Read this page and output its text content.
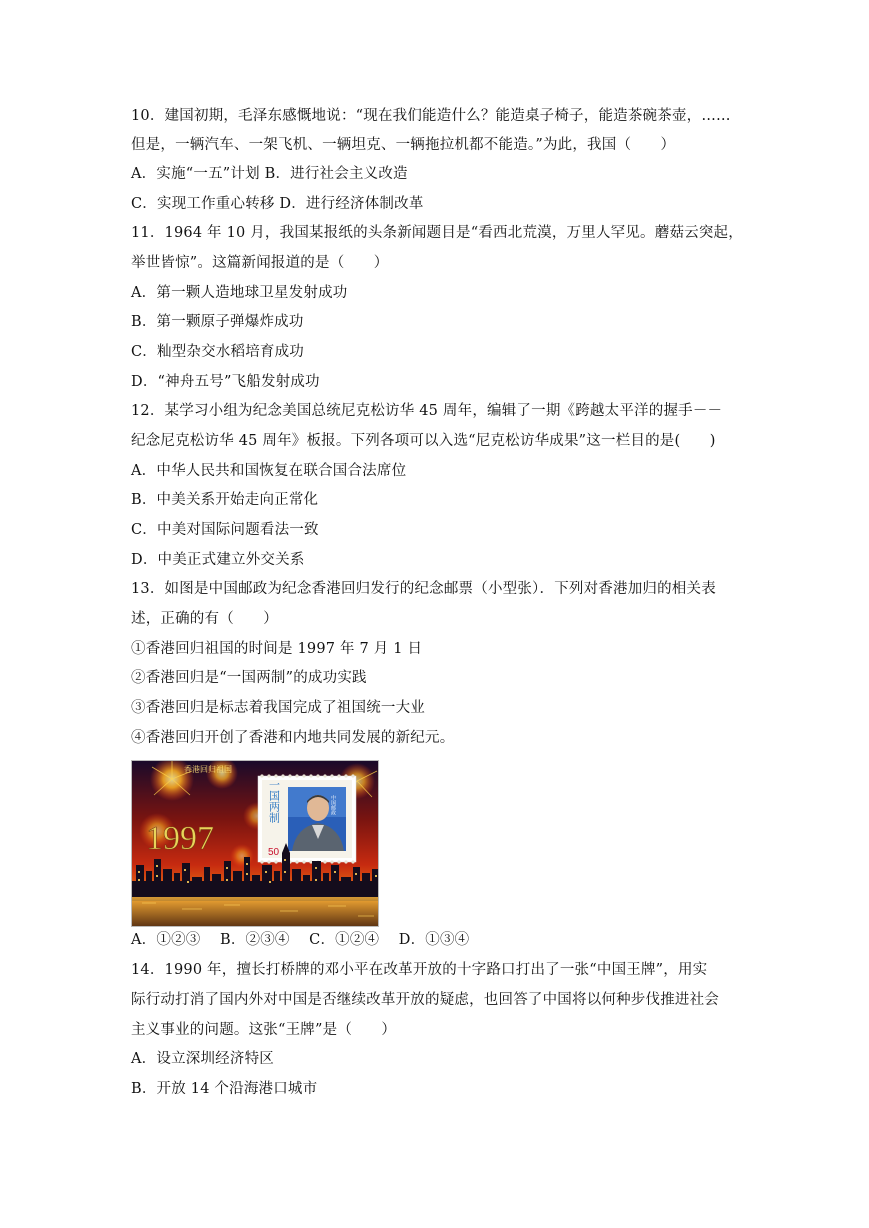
10．建国初期，毛泽东感慨地说：“现在我们能造什么？能造桌子椅子，能造茶碗茶壶，……
但是，一辆汽车、一架飞机、一辆坦克、一辆拖拉机都不能造。”为此，我国（　　）
A．实施“一五”计划 B．进行社会主义改造
C．实现工作重心转移 D．进行经济体制改革
11．1964 年 10 月，我国某报纸的头条新闻题目是“看西北荒漠，万里人罕见。蘑菇云突起，
举世皆惊”。这篇新闻报道的是（　　）
A．第一颗人造地球卫星发射成功
B．第一颗原子弹爆炸成功
C．籼型杂交水稻培育成功
D．“神舟五号”飞船发射成功
12．某学习小组为纪念美国总统尼克松访华 45 周年，编辑了一期《跨越太平洋的握手－－
纪念尼克松访华 45 周年》板报。下列各项可以入选“尼克松访华成果”这一栏目的是(　　)
A．中华人民共和国恢复在联合国合法席位
B．中美关系开始走向正常化
C．中美对国际问题看法一致
D．中美正式建立外交关系
13．如图是中国邮政为纪念香港回归发行的纪念邮票（小型张）．下列对香港加归的相关表
述，正确的有（　　）
①香港回归祖国的时间是 1997 年 7 月 1 日
②香港回归是“一国两制”的成功实践
③香港回归是标志着我国完成了祖国统一大业
④香港回归开创了香港和内地共同发展的新纪元。
香港回归祖国
1997
一国两制
50
中国邮政
A．①②③　 B．②③④　 C．①②④　 D．①③④
14．1990 年，擅长打桥牌的邓小平在改革开放的十字路口打出了一张“中国王牌”，用实
际行动打消了国内外对中国是否继续改革开放的疑虑，也回答了中国将以何种步伐推进社会
主义事业的问题。这张“王牌”是（　　）
A．设立深圳经济特区
B．开放 14 个沿海港口城市
